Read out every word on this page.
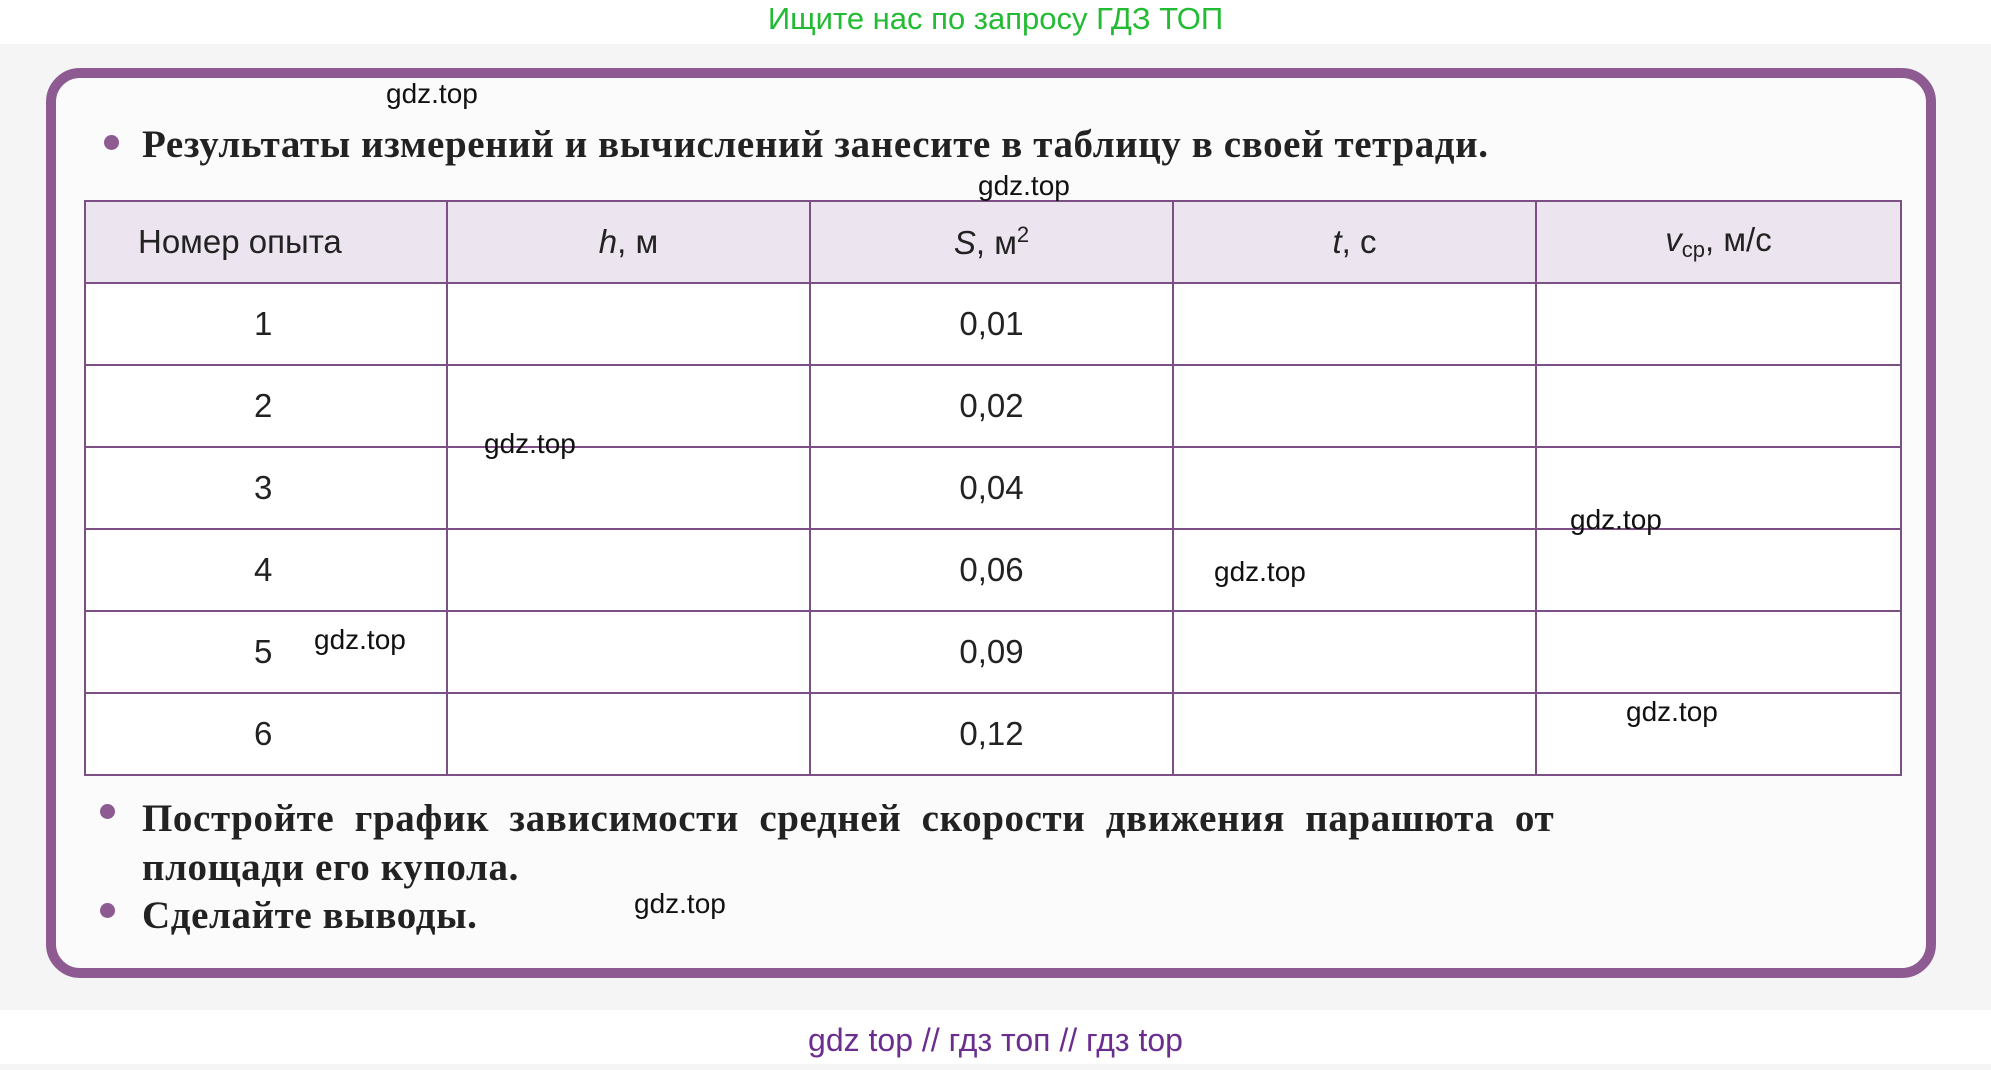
Ищите нас по запросу ГДЗ ТОП
Результаты измерений и вычислений занесите в таблицу в своей тетради.
Номер опыта	h, м	S, $м^2$	t, с	$v_{ср}$, м/с
1		0,01		
2		0,02		
3		0,04		
4		0,06		
5		0,09		
6		0,12		
Постройте график зависимости средней скорости движения парашюта от
площади его купола.
Сделайте выводы.
gdz.top
gdz.top
gdz.top
gdz.top
gdz.top
gdz.top
gdz.top
gdz.top
gdz top // гдз топ // гдз top
